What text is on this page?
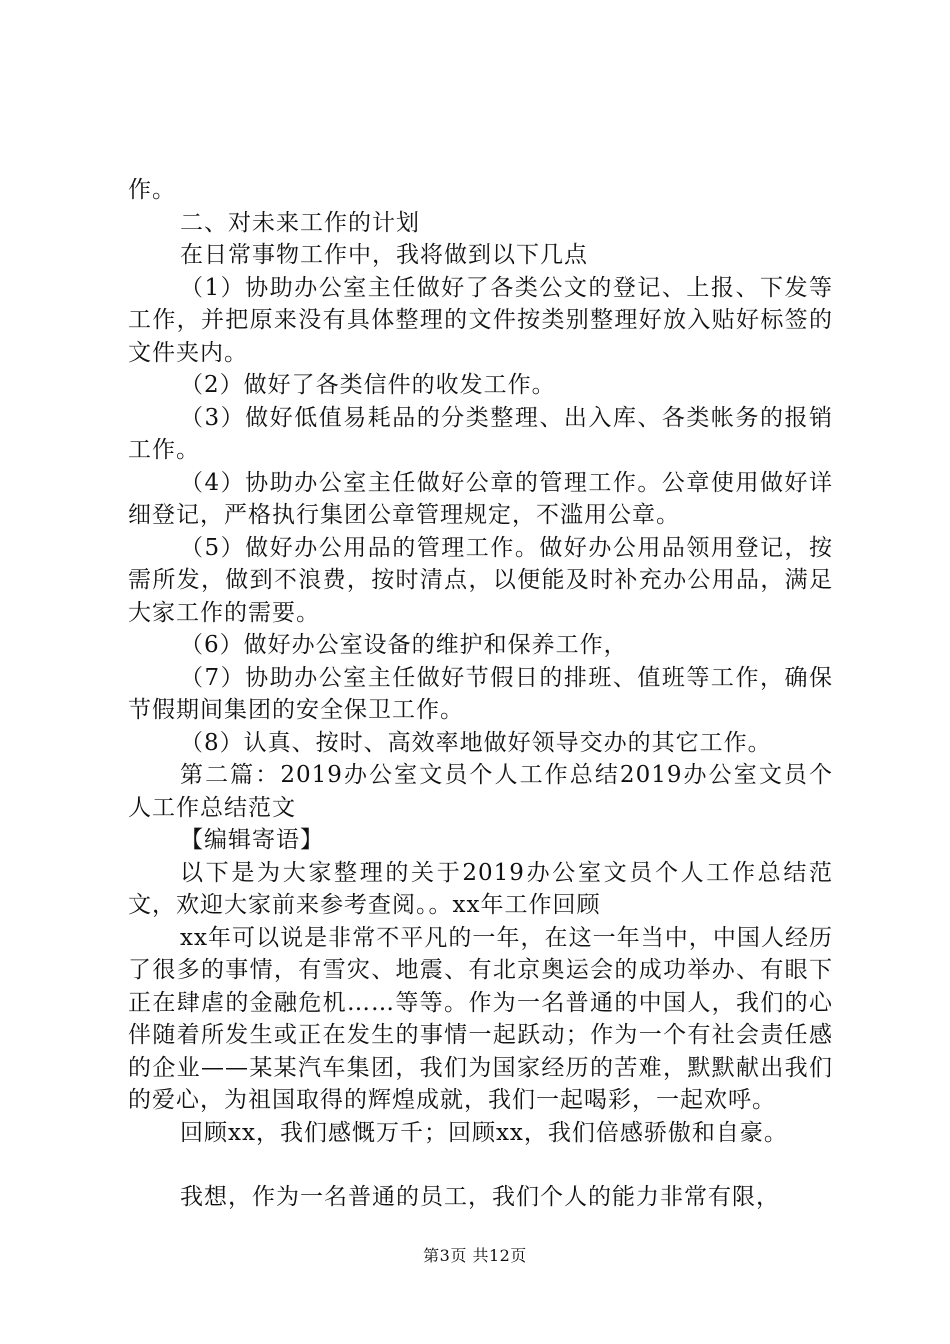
作。

二、对未来工作的计划

在日常事物工作中，我将做到以下几点

（1）协助办公室主任做好了各类公文的登记、上报、下发等工作，并把原来没有具体整理的文件按类别整理好放入贴好标签的文件夹内。

（2）做好了各类信件的收发工作。

（3）做好低值易耗品的分类整理、出入库、各类帐务的报销工作。

（4）协助办公室主任做好公章的管理工作。公章使用做好详细登记，严格执行集团公章管理规定，不滥用公章。

（5）做好办公用品的管理工作。做好办公用品领用登记，按需所发，做到不浪费，按时清点，以便能及时补充办公用品，满足大家工作的需要。

（6）做好办公室设备的维护和保养工作，

（7）协助办公室主任做好节假日的排班、值班等工作，确保节假期间集团的安全保卫工作。

（8）认真、按时、高效率地做好领导交办的其它工作。

第二篇：2019办公室文员个人工作总结2019办公室文员个人工作总结范文

【编辑寄语】

以下是为大家整理的关于2019办公室文员个人工作总结范文，欢迎大家前来参考查阅。。xx年工作回顾

xx年可以说是非常不平凡的一年，在这一年当中，中国人经历了很多的事情，有雪灾、地震、有北京奥运会的成功举办、有眼下正在肆虐的金融危机……等等。作为一名普通的中国人，我们的心伴随着所发生或正在发生的事情一起跃动；作为一个有社会责任感的企业——某某汽车集团，我们为国家经历的苦难，默默献出我们的爱心，为祖国取得的辉煌成就，我们一起喝彩，一起欢呼。

回顾xx，我们感慨万千；回顾xx，我们倍感骄傲和自豪。

我想，作为一名普通的员工，我们个人的能力非常有限，

第3页 共12页
